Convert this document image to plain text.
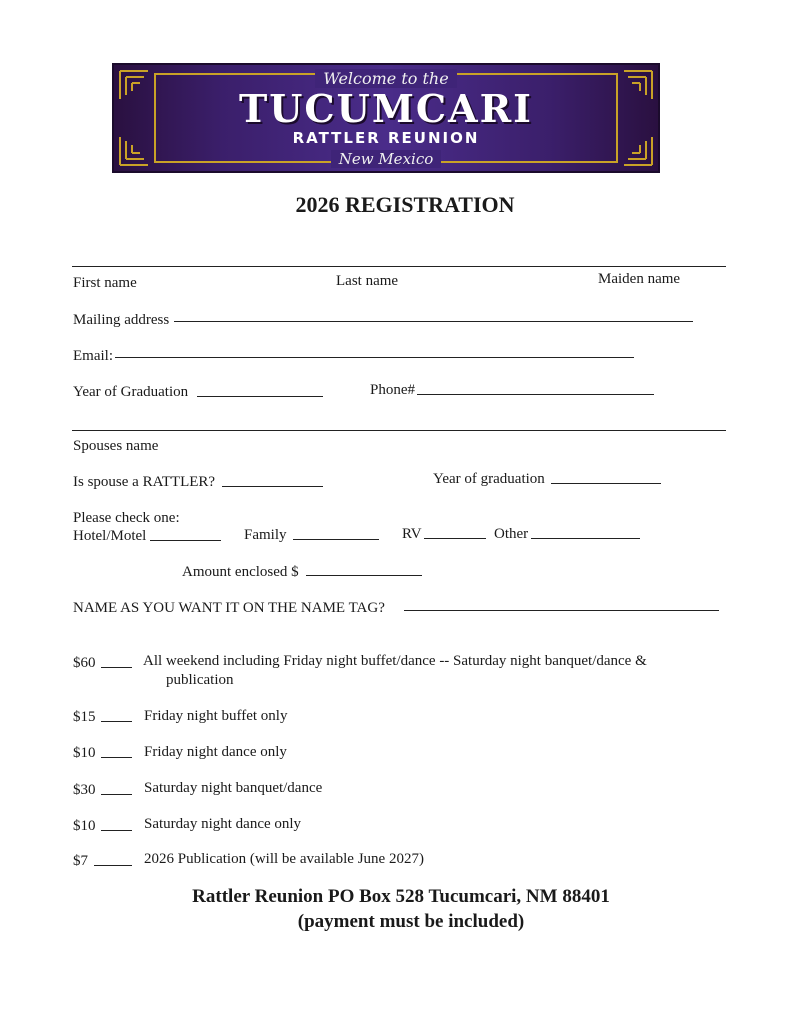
Welcome to the
TUCUMCARI
RATTLER REUNION
New Mexico
2026 REGISTRATION
First name	Last name	Maiden name
Mailing address
Email:
Year of Graduation	Phone#
Spouses name
Is spouse a RATTLER?	Year of graduation
Please check one:
Hotel/Motel	Family	RV	Other
Amount enclosed $
NAME AS YOU WANT IT ON THE NAME TAG?
$60	All weekend including Friday night buffet/dance -- Saturday night banquet/dance &
publication
$15	Friday night buffet only
$10	Friday night dance only
$30	Saturday night banquet/dance
$10	Saturday night dance only
$7	2026 Publication (will be available June 2027)
Rattler Reunion PO Box 528 Tucumcari, NM 88401
(payment must be included)
